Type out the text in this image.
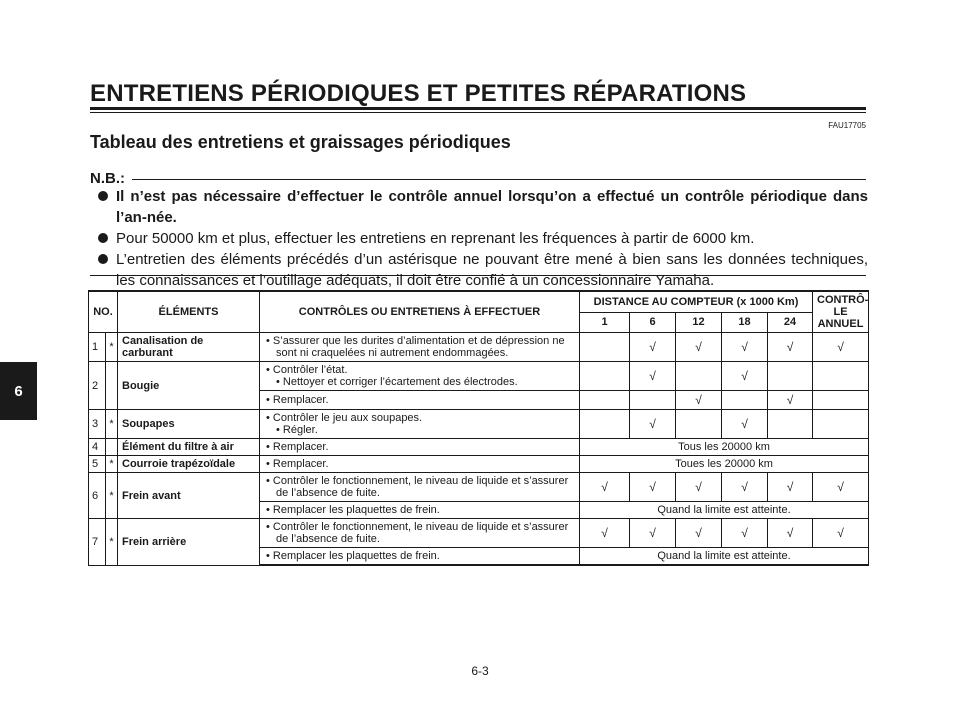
ENTRETIENS PÉRIODIQUES ET PETITES RÉPARATIONS
FAU17705
Tableau des entretiens et graissages périodiques
6
N.B.:
Il n’est pas nécessaire d’effectuer le contrôle annuel lorsqu’on a effectué un contrôle périodique dans l’an-née.
Pour 50000 km et plus, effectuer les entretiens en reprenant les fréquences à partir de 6000 km.
L’entretien des éléments précédés d’un astérisque ne pouvant être mené à bien sans les données techniques, les connaissances et l’outillage adéquats, il doit être confié à un concessionnaire Yamaha.
NO.		ÉLÉMENTS	CONTRÔLES OU ENTRETIENS À EFFECTUER	DISTANCE AU COMPTEUR (x 1000 Km)					CONTRÔ-LE ANNUEL
				1	6	12	18	24	
1	*	Canalisation de carburant	• S’assurer que les durites d’alimentation et de dépression ne sont ni craquelées ni autrement endommagées.		√	√	√	√	√
2		Bougie	• Contrôler l’état.
• Nettoyer et corriger l’écartement des électrodes.		√		√		
			• Remplacer.			√		√	
3	*	Soupapes	• Contrôler le jeu aux soupapes.
• Régler.		√		√		
4		Élément du filtre à air	• Remplacer.	Tous les 20000 km					
5	*	Courroie trapézoïdale	• Remplacer.	Toues les 20000 km					
6	*	Frein avant	• Contrôler le fonctionnement, le niveau de liquide et s’assurer de l’absence de fuite.	√	√	√	√	√	√
			• Remplacer les plaquettes de frein.	Quand la limite est atteinte.					
7	*	Frein arrière	• Contrôler le fonctionnement, le niveau de liquide et s’assurer de l’absence de fuite.	√	√	√	√	√	√
			• Remplacer les plaquettes de frein.	Quand la limite est atteinte.					
6-3
